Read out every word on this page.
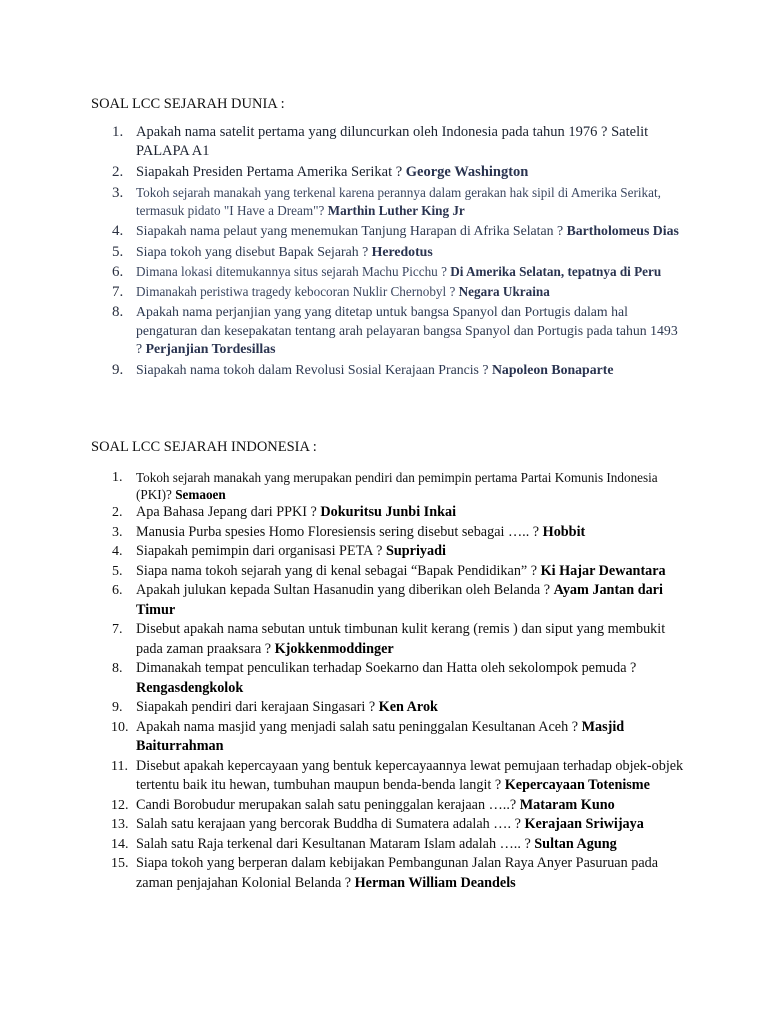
SOAL LCC SEJARAH DUNIA :
1. Apakah nama satelit pertama yang diluncurkan oleh Indonesia pada tahun 1976 ? Satelit PALAPA A1
2. Siapakah Presiden Pertama Amerika Serikat ? George Washington
3. Tokoh sejarah manakah yang terkenal karena perannya dalam gerakan hak sipil di Amerika Serikat, termasuk pidato "I Have a Dream"? Marthin Luther King Jr
4. Siapakah nama pelaut yang menemukan Tanjung Harapan di Afrika Selatan ? Bartholomeus Dias
5. Siapa tokoh yang disebut Bapak Sejarah ? Heredotus
6. Dimana lokasi ditemukannya situs sejarah Machu Picchu ? Di Amerika Selatan, tepatnya di Peru
7. Dimanakah peristiwa tragedy kebocoran Nuklir Chernobyl ? Negara Ukraina
8. Apakah nama perjanjian yang yang ditetap untuk bangsa Spanyol dan Portugis dalam hal pengaturan dan kesepakatan tentang arah pelayaran bangsa Spanyol dan Portugis pada tahun 1493 ? Perjanjian Tordesillas
9. Siapakah nama tokoh dalam Revolusi Sosial Kerajaan Prancis ? Napoleon Bonaparte
SOAL LCC SEJARAH INDONESIA :
1. Tokoh sejarah manakah yang merupakan pendiri dan pemimpin pertama Partai Komunis Indonesia (PKI)? Semaoen
2. Apa Bahasa Jepang dari PPKI ? Dokuritsu Junbi Inkai
3. Manusia Purba spesies Homo Floresiensis sering disebut sebagai ….. ? Hobbit
4. Siapakah pemimpin dari organisasi PETA ? Supriyadi
5. Siapa nama tokoh sejarah yang di kenal sebagai “Bapak Pendidikan” ? Ki Hajar Dewantara
6. Apakah julukan kepada Sultan Hasanudin yang diberikan oleh Belanda ? Ayam Jantan dari Timur
7. Disebut apakah nama sebutan untuk timbunan kulit kerang (remis ) dan siput yang membukit pada zaman praaksara ? Kjokkenmoddinger
8. Dimanakah tempat penculikan terhadap Soekarno dan Hatta oleh sekolompok pemuda ? Rengasdengkolok
9. Siapakah pendiri dari kerajaan Singasari ? Ken Arok
10. Apakah nama masjid yang menjadi salah satu peninggalan Kesultanan Aceh ? Masjid Baiturrahman
11. Disebut apakah kepercayaan yang bentuk kepercayaannya lewat pemujaan terhadap objek-objek tertentu baik itu hewan, tumbuhan maupun benda-benda langit ? Kepercayaan Totenisme
12. Candi Borobudur merupakan salah satu peninggalan kerajaan …..? Mataram Kuno
13. Salah satu kerajaan yang bercorak Buddha di Sumatera adalah …. ? Kerajaan Sriwijaya
14. Salah satu Raja terkenal dari Kesultanan Mataram Islam adalah ….. ? Sultan Agung
15. Siapa tokoh yang berperan dalam kebijakan Pembangunan Jalan Raya Anyer Pasuruan pada zaman penjajahan Kolonial Belanda ? Herman William Deandels
